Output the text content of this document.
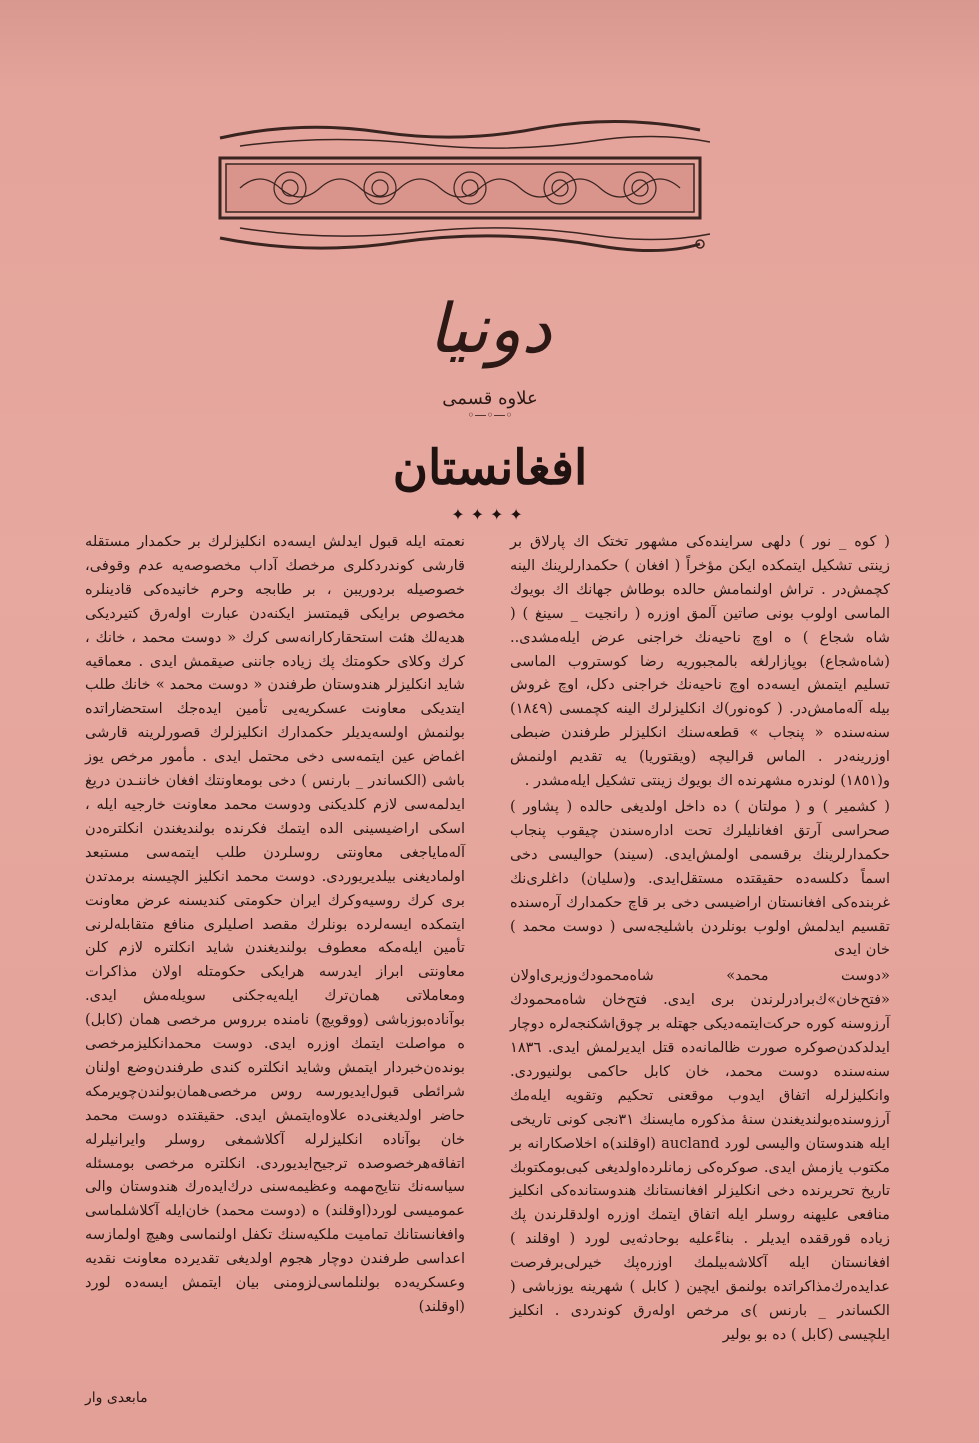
دونيا
علاوه قسمی
◦—◦—◦
افغانستان
✦✦✦✦

( کوه _ نور ) دلهی سراینده‌کی مشهور تختک اك پارلاق بر زینتی تشکیل ایتمکده ایکن مؤخراً ( افغان ) حکمدارلرینك الینه کچمش‌در . تراش اولنمامش حالده بوطاش جهانك اك بویوك الماسی اولوب بونی صاتین آلمق اوزره ( رانجیت _ سینغ ) ( شاه شجاع ) ه اوچ ناحیه‌نك خراجنی عرض ایله‌مشدی.. (شاه‌شجاع) بوپازارلغه بالمجبوریه رضا کوستروب الماسی تسلیم ایتمش ایسه‌ده اوچ ناحیه‌نك خراجنی دکل، اوچ غروش بیله آله‌مامش‌در. ( کوه‌نور)ك انکلیزلرك الینه کچمسی (١٨٤٩) سنه‌سنده « پنجاب » قطعه‌سنك انکلیزلر طرفندن ضبطی اوزرینه‌در . الماس قرالیچه (ویقتوریا) یه تقدیم اولنمش و(١٨٥١) لوندره مشهرنده اك بویوك زینتی تشکیل ایله‌مشدر .

( کشمیر ) و ( مولتان ) ده داخل اولدیغی حالده ( پشاور ) صحراسی آرتق افغانلیلرك تحت اداره‌سندن چیقوب پنجاب حکمدارلرینك برقسمی اولمش‌ایدی. (سیند) حوالیسی دخی اسماً دکلسه‌ده حقیقتده مستقل‌ایدی. و(سلیان) داغلری‌نك غربنده‌کی افغانستان اراضیسی دخی بر قاچ حکمدارك آره‌سنده تقسیم ایدلمش اولوب بونلردن باشلیجه‌سی ( دوست محمد ) خان ایدی

«دوست محمد» شاه‌محمودك‌وزیری‌اولان «فتح‌خان»ك‌برادرلرندن بری ایدی. فتح‌خان شاه‌محمودك آرزوسنه کوره حرکت‌ایتمه‌دیکی جهتله بر چوق‌اشکنجه‌لره دوچار ایدلدکدن‌صوکره صورت ظالمانه‌ده قتل ایدیرلمش ایدی. ١٨٣٦ سنه‌سنده دوست محمد، خان کابل حاکمی بولنیوردی. وانکلیزلرله اتفاق ایدوب موقعنی تحکیم وتقویه ایله‌مك آرزوسنده‌بولندیغندن سنهٔ مذکوره مایسنك ٣١نجی کونی تاریخی ایله هندوستان والیسی لورد aucland (اوقلند)ه اخلاصکارانه بر مکتوب یازمش ایدی. صوکره‌کی زمانلرده‌اولدیغی کبی‌بومکتوبك تاریخ تحریرنده دخی انکلیزلر افغانستانك هندوستانده‌کی انکلیز منافعی علیهنه روسلر ایله اتفاق ایتمك اوزره اولدقلرندن پك زیاده قورققده ایدیلر . بناءًعلیه بوحادثه‌یی لورد ( اوقلند ) افغانستان ایله آکلاشه‌بیلمك اوزره‌پك خیرلی‌برفرصت عدایده‌رك‌مذاکراتده بولنمق ایچین ( کابل ) شهرینه یوزباشی ( الکساندر _ بارنس )ی مرخص اوله‌رق کوندردی . انکلیز ایلچیسی (کابل ) ده بو بولیر

نعمته ایله قبول ایدلش ایسه‌ده انکلیزلرك بر حکمدار مستقله قارشی کوندردکلری مرخصك آداب مخصوصه‌یه عدم وقوفی، خصوصیله بردوریبن ، بر طابجه وحرم خانیده‌کی قادینلره مخصوص برایکی قیمتسز ایکنه‌دن عبارت اوله‌رق کتیردیکی هدیه‌لك هئت استحقارکارانه‌سی کرك « دوست محمد ، خانك ، کرك وکلای حکومتك پك زیاده جاننی صیقمش ایدی . معماقیه شاید انکلیزلر هندوستان طرفندن « دوست محمد » خانك طلب ایتدیکی معاونت عسکریه‌یی تأمین ایده‌جك استحضاراتده بولنمش اولسه‌یدیلر حکمدارك انکلیزلرك قصورلرینه قارشی اغماض عین ایتمه‌سی دخی محتمل ایدی . مأمور مرخص یوز باشی (الکساندر _ بارنس ) دخی بومعاونتك افغان خاننـدن دریغ ایدلمه‌سی لازم کلدیکنی ودوست محمد معاونت خارجیه ایله ، اسکی اراضیسینی الده ایتمك فکرنده بولندیغندن انکلترەدن آله‌مایاجغی معاونتی روسلردن طلب ایتمه‌سی مستبعد اولمادیغنی بیلدیریوردی. دوست محمد انکلیز الچیسنه برمدتدن بری کرك روسیه‌وکرك ایران حکومتی کندیسنه عرض معاونت ایتمکده ایسه‌لرده بونلرك مقصد اصلیلری منافع متقابله‌لرنی تأمین ایله‌مکه معطوف بولندیغندن شاید انکلتره لازم کلن معاونتی ابراز ایدرسه هرایکی حکومتله اولان مذاکرات ومعاملاتی همان‌ترك ایله‌یه‌جکنی سویله‌مش ایدی. بوآناده‌بوزباشی (ووقویچ) نامنده برروس مرخصی همان (کابل) ه مواصلت ایتمك اوزره ایدی. دوست محمدانکلیزمرخصی بونده‌ن‌خبردار ایتمش‌ وشاید انکلتره‌ کندی طرفندن‌وضع اولنان شرائطی قبول‌ایدیورسه روس مرخصی‌همان‌بولندن‌چویرمکه حاضر اولدیغنی‌ده علاوه‌ایتمش ایدی. حقیقتده دوست محمد خان بوآناده انکلیزلرله آکلاشمغی روسلر وایرانیلرله اتفاقه‌هرخصوصده ترجیح‌ایدیوردی. انکلتره‌ مرخصی بومسئله سیاسه‌نك نتایج‌مهمه وعظیمه‌سنی درك‌ایده‌رك هندوستان والی‌ عمومیسی لورد(اوقلند) ه (دوست محمد) خان‌ایله آکلاشلماسی وافغانستانك تمامیت ملکیه‌سنك تکفل اولنماسی وهیچ اولمازسه اعداسی طرفندن دوچار هجوم اولدیغی تقدیرده معاونت نقدیه وعسکریه‌ده بولنلماسی‌لزومنی بیان ایتمش ایسه‌ده لورد (اوقلند)

مابعدی وار
